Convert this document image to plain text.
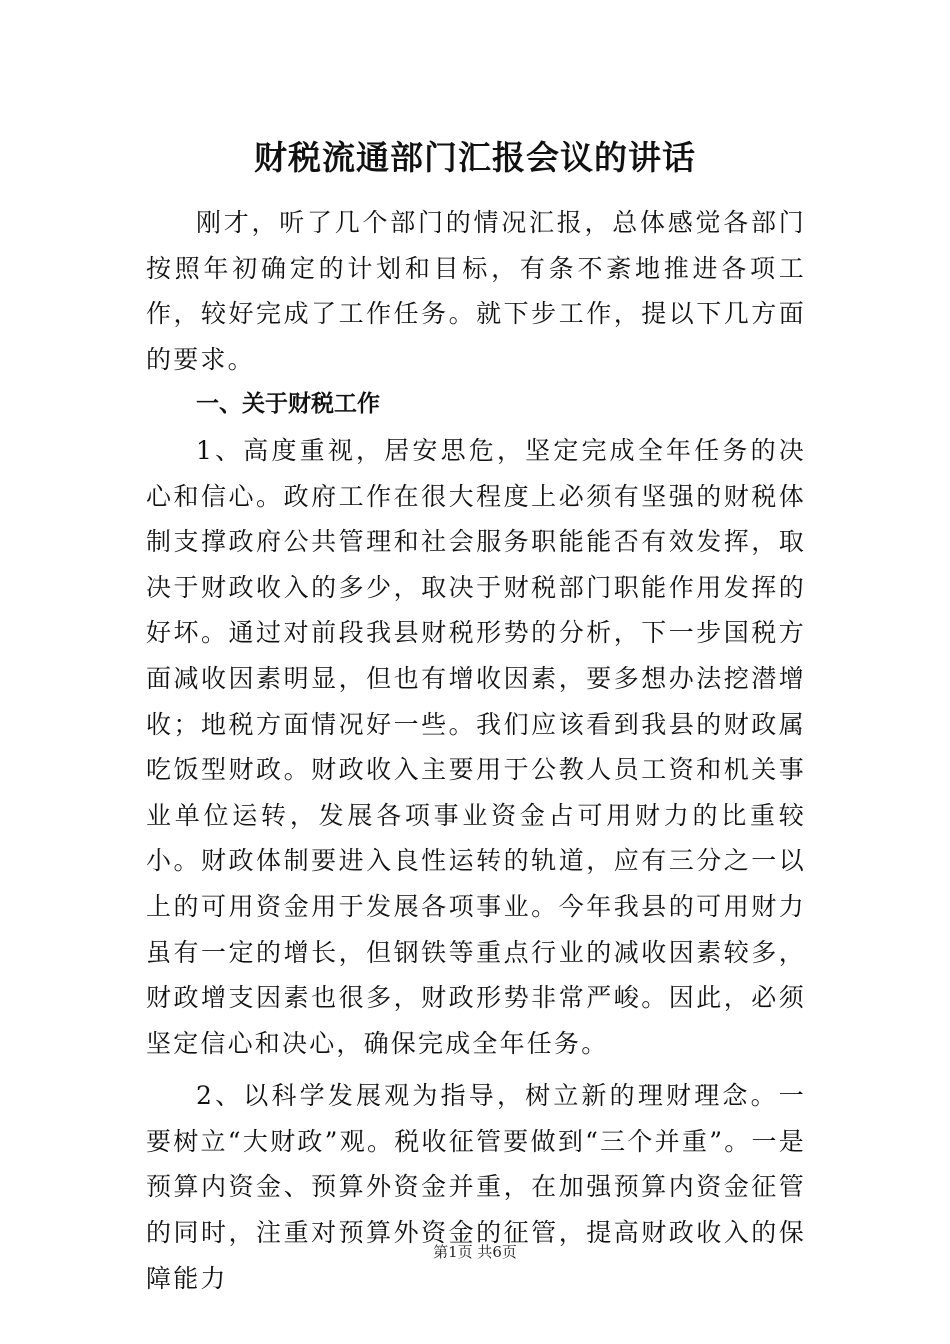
财税流通部门汇报会议的讲话

刚才，听了几个部门的情况汇报，总体感觉各部门按照年初确定的计划和目标，有条不紊地推进各项工作，较好完成了工作任务。就下步工作，提以下几方面的要求。

一、关于财税工作

1、高度重视，居安思危，坚定完成全年任务的决心和信心。政府工作在很大程度上必须有坚强的财税体制支撑政府公共管理和社会服务职能能否有效发挥，取决于财政收入的多少，取决于财税部门职能作用发挥的好坏。通过对前段我县财税形势的分析，下一步国税方面减收因素明显，但也有增收因素，要多想办法挖潜增收；地税方面情况好一些。我们应该看到我县的财政属吃饭型财政。财政收入主要用于公教人员工资和机关事业单位运转，发展各项事业资金占可用财力的比重较小。财政体制要进入良性运转的轨道，应有三分之一以上的可用资金用于发展各项事业。今年我县的可用财力虽有一定的增长，但钢铁等重点行业的减收因素较多，财政增支因素也很多，财政形势非常严峻。因此，必须坚定信心和决心，确保完成全年任务。

2、以科学发展观为指导，树立新的理财理念。一要树立“大财政”观。税收征管要做到“三个并重”。一是预算内资金、预算外资金并重，在加强预算内资金征管的同时，注重对预算外资金的征管，提高财政收入的保障能力

第1页 共6页
